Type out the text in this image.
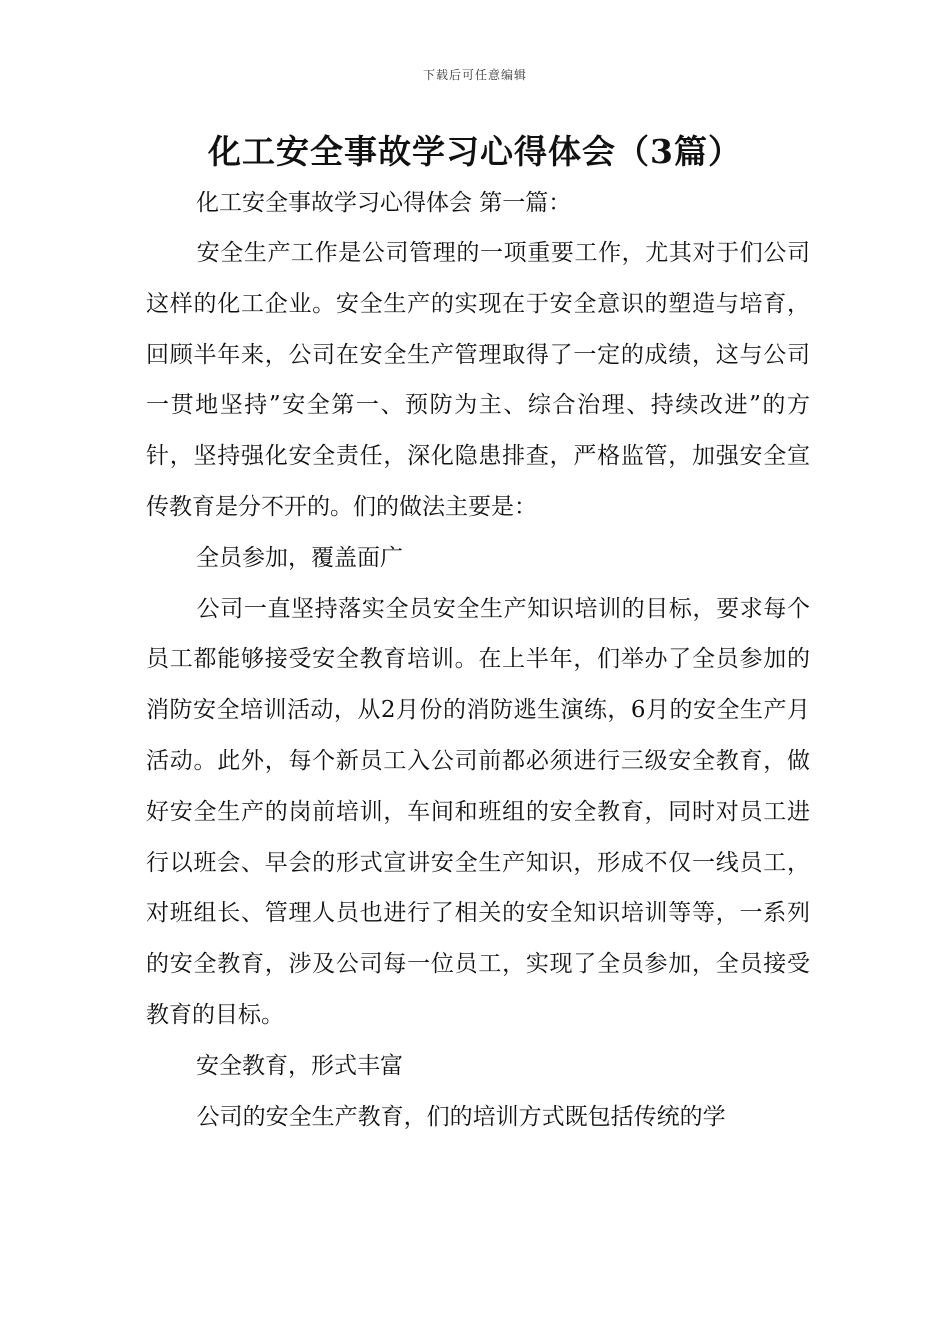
下载后可任意编辑
化工安全事故学习心得体会（3篇）
化工安全事故学习心得体会 第一篇：

安全生产工作是公司管理的一项重要工作，尤其对于们公司这样的化工企业。安全生产的实现在于安全意识的塑造与培育，回顾半年来，公司在安全生产管理取得了一定的成绩，这与公司一贯地坚持”安全第一、预防为主、综合治理、持续改进”的方针，坚持强化安全责任，深化隐患排查，严格监管，加强安全宣传教育是分不开的。们的做法主要是：

全员参加，覆盖面广

公司一直坚持落实全员安全生产知识培训的目标，要求每个员工都能够接受安全教育培训。在上半年，们举办了全员参加的消防安全培训活动，从2月份的消防逃生演练，6月的安全生产月活动。此外，每个新员工入公司前都必须进行三级安全教育，做好安全生产的岗前培训，车间和班组的安全教育，同时对员工进行以班会、早会的形式宣讲安全生产知识，形成不仅一线员工，对班组长、管理人员也进行了相关的安全知识培训等等，一系列的安全教育，涉及公司每一位员工，实现了全员参加，全员接受教育的目标。

安全教育，形式丰富

公司的安全生产教育，们的培训方式既包括传统的学
